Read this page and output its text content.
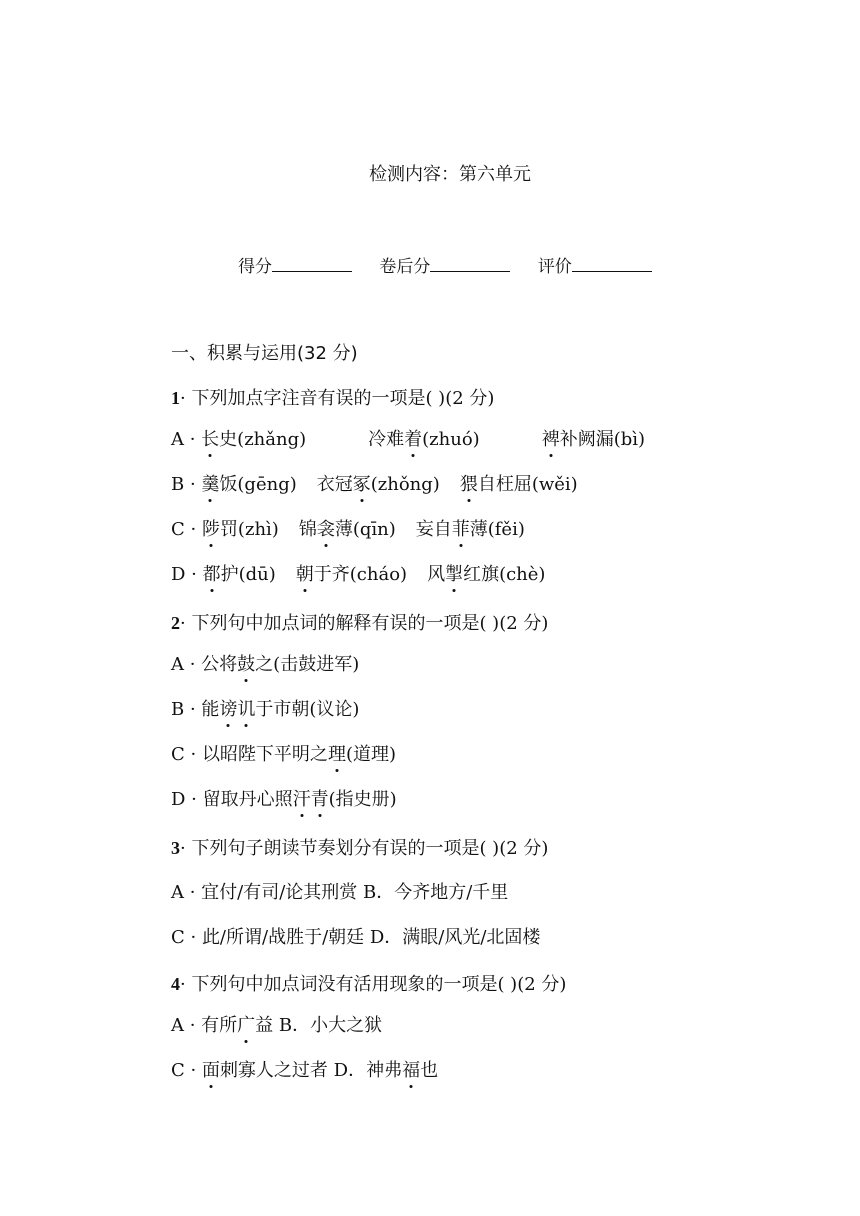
检测内容：第六单元
得分	卷后分	评价
一、积累与运用(32 分)
1· 下列加点字注音有误的一项是( )(2 分)
A · 长史(zhǎng)	冷难着(zhuó)	裨补阙漏(bì)
B · 羹饭(gēng) 衣冠冢(zhǒng) 猥自枉屈(wěi)
C · 陟罚(zhì) 锦衾薄(qīn) 妄自菲薄(fěi)
D · 都护(dū) 朝于齐(cháo) 风掣红旗(chè)
2· 下列句中加点词的解释有误的一项是( )(2 分)
A · 公将鼓之(击鼓进军)
B · 能谤讥于市朝(议论)
C · 以昭陛下平明之理(道理)
D · 留取丹心照汗青(指史册)
3· 下列句子朗读节奏划分有误的一项是( )(2 分)
A · 宜付/有司/论其刑赏 B．今齐地方/千里
C · 此/所谓/战胜于/朝廷 D．满眼/风光/北固楼
4· 下列句中加点词没有活用现象的一项是( )(2 分)
A · 有所广益 B．小大之狱
C · 面刺寡人之过者 D．神弗福也
